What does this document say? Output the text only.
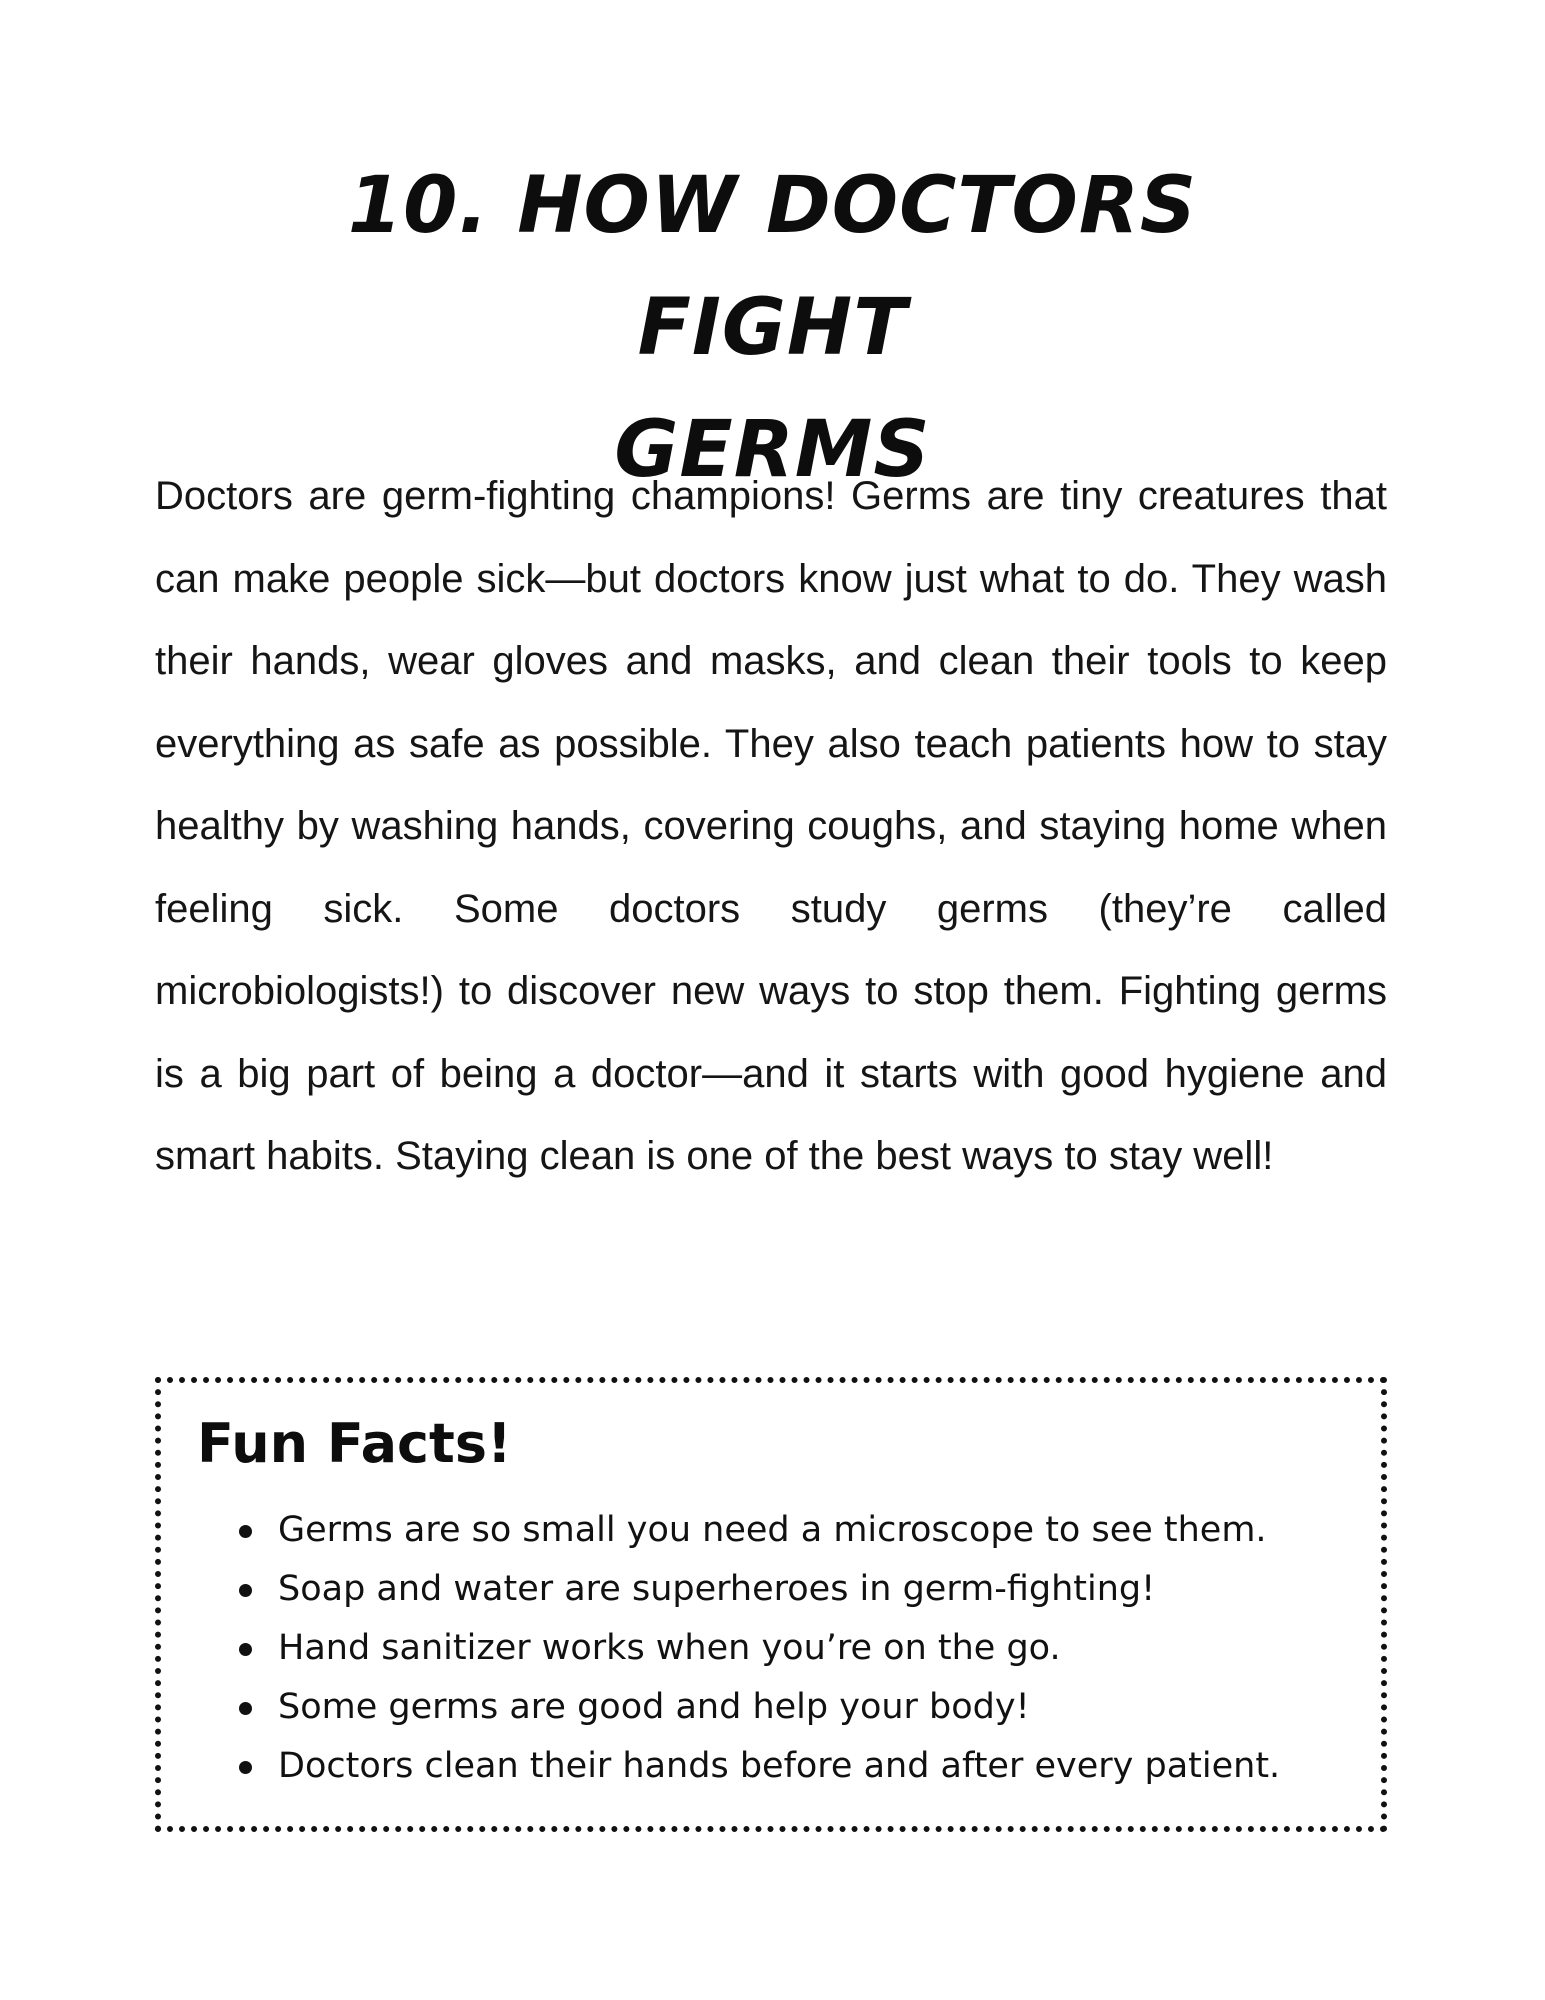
10. HOW DOCTORS FIGHT
GERMS

Doctors are germ-fighting champions! Germs are tiny creatures that can make people sick—but doctors know just what to do. They wash their hands, wear gloves and masks, and clean their tools to keep everything as safe as possible. They also teach patients how to stay healthy by washing hands, covering coughs, and staying home when feeling sick. Some doctors study germs (they’re called microbiologists!) to discover new ways to stop them. Fighting germs is a big part of being a doctor—and it starts with good hygiene and smart habits. Staying clean is one of the best ways to stay well!

Fun Facts!
Germs are so small you need a microscope to see them.
Soap and water are superheroes in germ-fighting!
Hand sanitizer works when you’re on the go.
Some germs are good and help your body!
Doctors clean their hands before and after every patient.
